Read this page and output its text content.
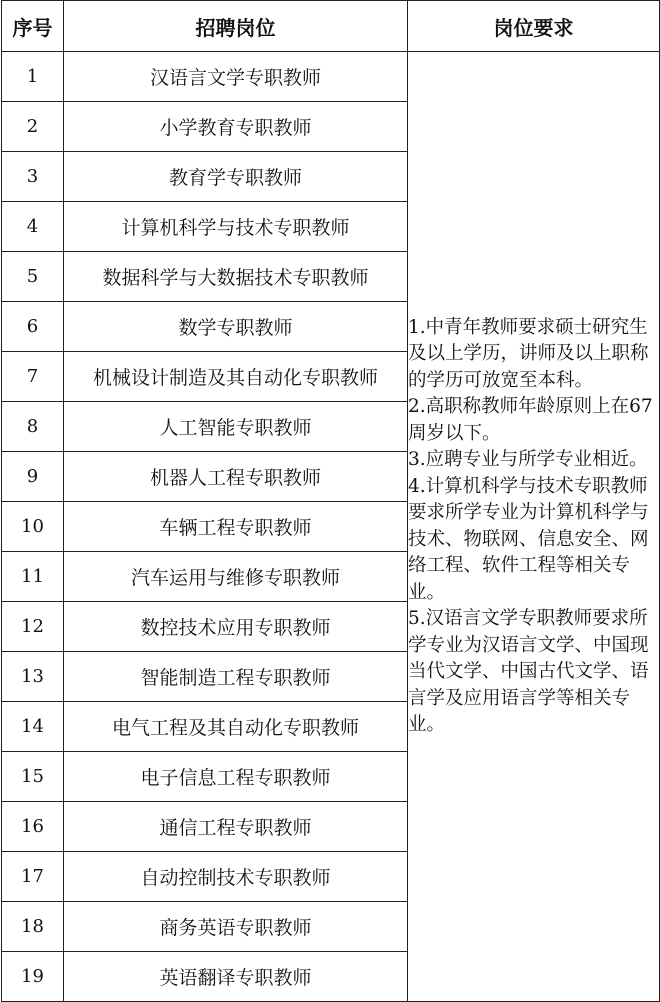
序号	招聘岗位	岗位要求
1	汉语言文学专职教师	1.中青年教师要求硕士研究生及以上学历，讲师及以上职称的学历可放宽至本科。
2.高职称教师年龄原则上在67周岁以下。
3.应聘专业与所学专业相近。
4.计算机科学与技术专职教师要求所学专业为计算机科学与技术、物联网、信息安全、网络工程、软件工程等相关专业。
5.汉语言文学专职教师要求所学专业为汉语言文学、中国现当代文学、中国古代文学、语言学及应用语言学等相关专业。

2	小学教育专职教师	
3	教育学专职教师	
4	计算机科学与技术专职教师	
5	数据科学与大数据技术专职教师	
6	数学专职教师	
7	机械设计制造及其自动化专职教师	
8	人工智能专职教师	
9	机器人工程专职教师	
10	车辆工程专职教师	
11	汽车运用与维修专职教师	
12	数控技术应用专职教师	
13	智能制造工程专职教师	
14	电气工程及其自动化专职教师	
15	电子信息工程专职教师	
16	通信工程专职教师	
17	自动控制技术专职教师	
18	商务英语专职教师	
19	英语翻译专职教师	
